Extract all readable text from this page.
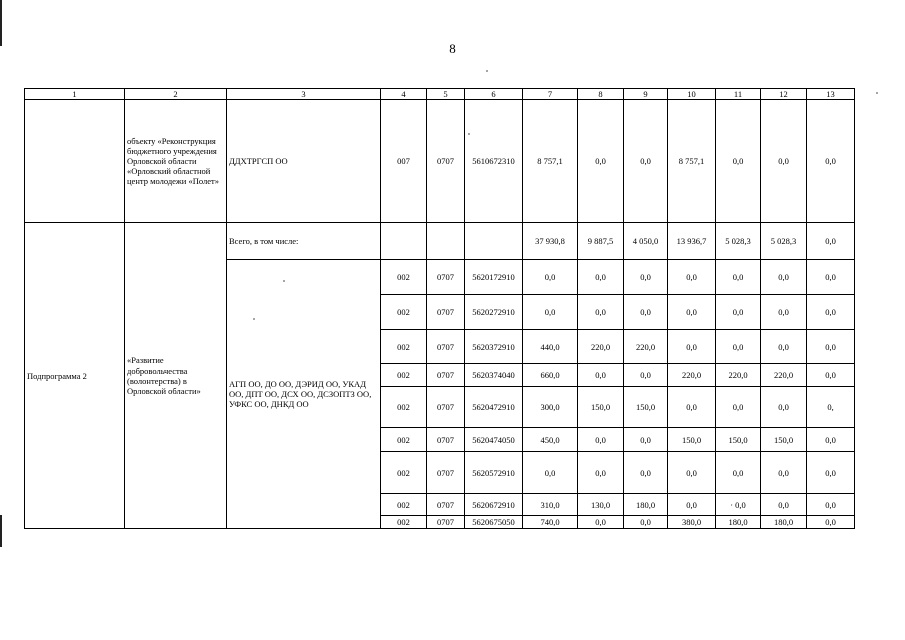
8
1	2	3	4	5	6	7	8	9	10	11	12	13
	объекту «Реконструкция бюджетного учреждения Орловской области «Орловский областной центр молодежи «Полет»	ДДХТРГСП ОО	007	0707	5610672310	8 757,1	0,0	0,0	8 757,1	0,0	0,0	0,0
Подпрограмма 2	«Развитие добровольчества (волонтерства) в Орловской области»	Всего, в том числе:				37 930,8	9 887,5	4 050,0	13 936,7	5 028,3	5 028,3	0,0
		АГП ОО, ДО ОО, ДЭРИД ОО, УКАД ОО, ДПТ ОО, ДСХ ОО, ДСЗОПТЗ ОО, УФКС ОО, ДНКД ОО	002	0707	5620172910	0,0	0,0	0,0	0,0	0,0	0,0	0,0
			002	0707	5620272910	0,0	0,0	0,0	0,0	0,0	0,0	0,0
			002	0707	5620372910	440,0	220,0	220,0	0,0	0,0	0,0	0,0
			002	0707	5620374040	660,0	0,0	0,0	220,0	220,0	220,0	0,0
			002	0707	5620472910	300,0	150,0	150,0	0,0	0,0	0,0	0,
			002	0707	5620474050	450,0	0,0	0,0	150,0	150,0	150,0	0,0
			002	0707	5620572910	0,0	0,0	0,0	0,0	0,0	0,0	0,0
			002	0707	5620672910	310,0	130,0	180,0	0,0	· 0,0	0,0	0,0
			002	0707	5620675050	740,0	0,0	0,0	380,0	180,0	180,0	0,0
